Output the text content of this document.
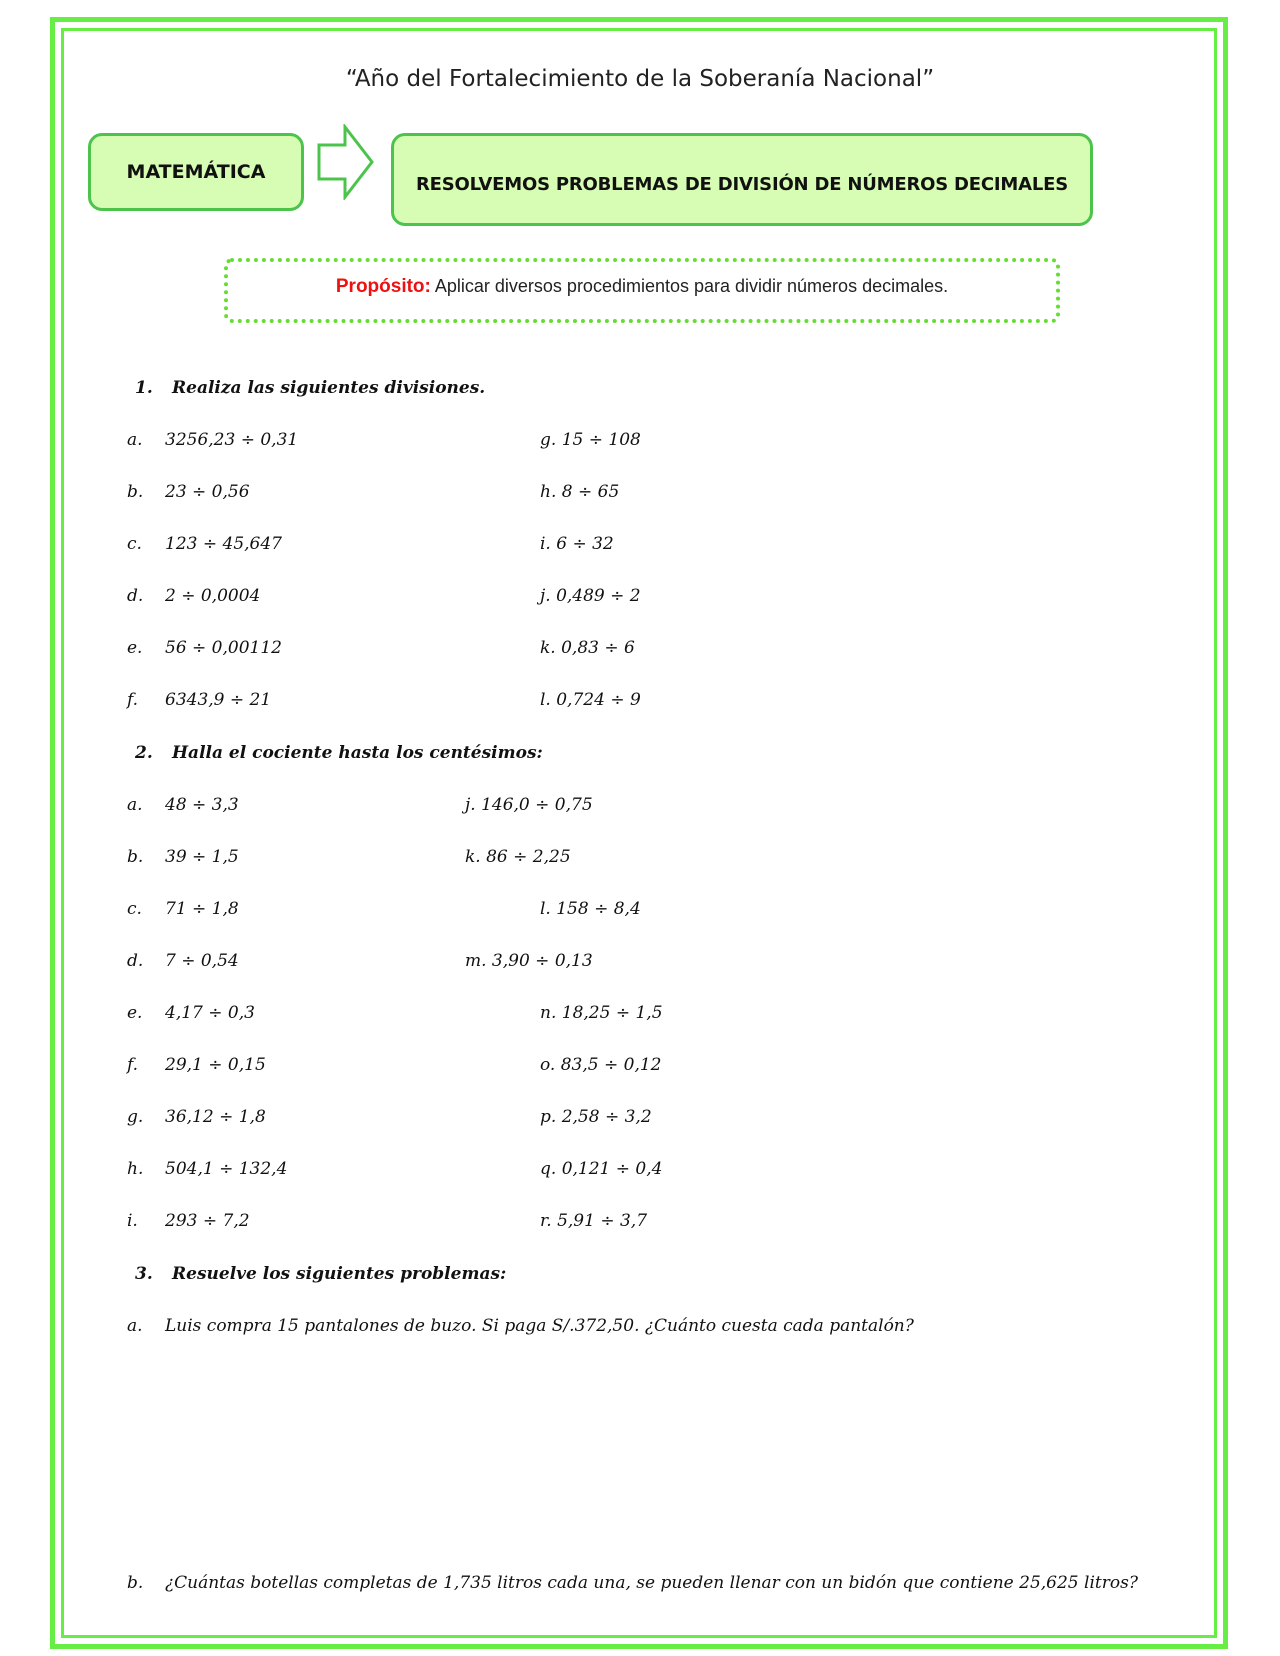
“Año del Fortalecimiento de la Soberanía Nacional”
MATEMÁTICA
RESOLVEMOS PROBLEMAS DE DIVISIÓN DE NÚMEROS DECIMALES
Propósito: Aplicar diversos procedimientos para dividir números decimales.
1. Realiza las siguientes divisiones.
a. 3256,23 ÷ 0,31
b. 23 ÷ 0,56
c. 123 ÷ 45,647
d. 2 ÷ 0,0004
e. 56 ÷ 0,00112
f. 6343,9 ÷ 21
g. 15 ÷ 108
h. 8 ÷ 65
i. 6 ÷ 32
j. 0,489 ÷ 2
k. 0,83 ÷ 6
l. 0,724 ÷ 9
2. Halla el cociente hasta los centésimos:
a. 48 ÷ 3,3
b. 39 ÷ 1,5
c. 71 ÷ 1,8
d. 7 ÷ 0,54
e. 4,17 ÷ 0,3
f. 29,1 ÷ 0,15
g. 36,12 ÷ 1,8
h. 504,1 ÷ 132,4
i. 293 ÷ 7,2
j. 146,0 ÷ 0,75
k. 86 ÷ 2,25
l. 158 ÷ 8,4
m. 3,90 ÷ 0,13
n. 18,25 ÷ 1,5
o. 83,5 ÷ 0,12
p. 2,58 ÷ 3,2
q. 0,121 ÷ 0,4
r. 5,91 ÷ 3,7
3. Resuelve los siguientes problemas:
a. Luis compra 15 pantalones de buzo. Si paga S/.372,50. ¿Cuánto cuesta cada pantalón?
b. ¿Cuántas botellas completas de 1,735 litros cada una, se pueden llenar con un bidón que contiene 25,625 litros?
